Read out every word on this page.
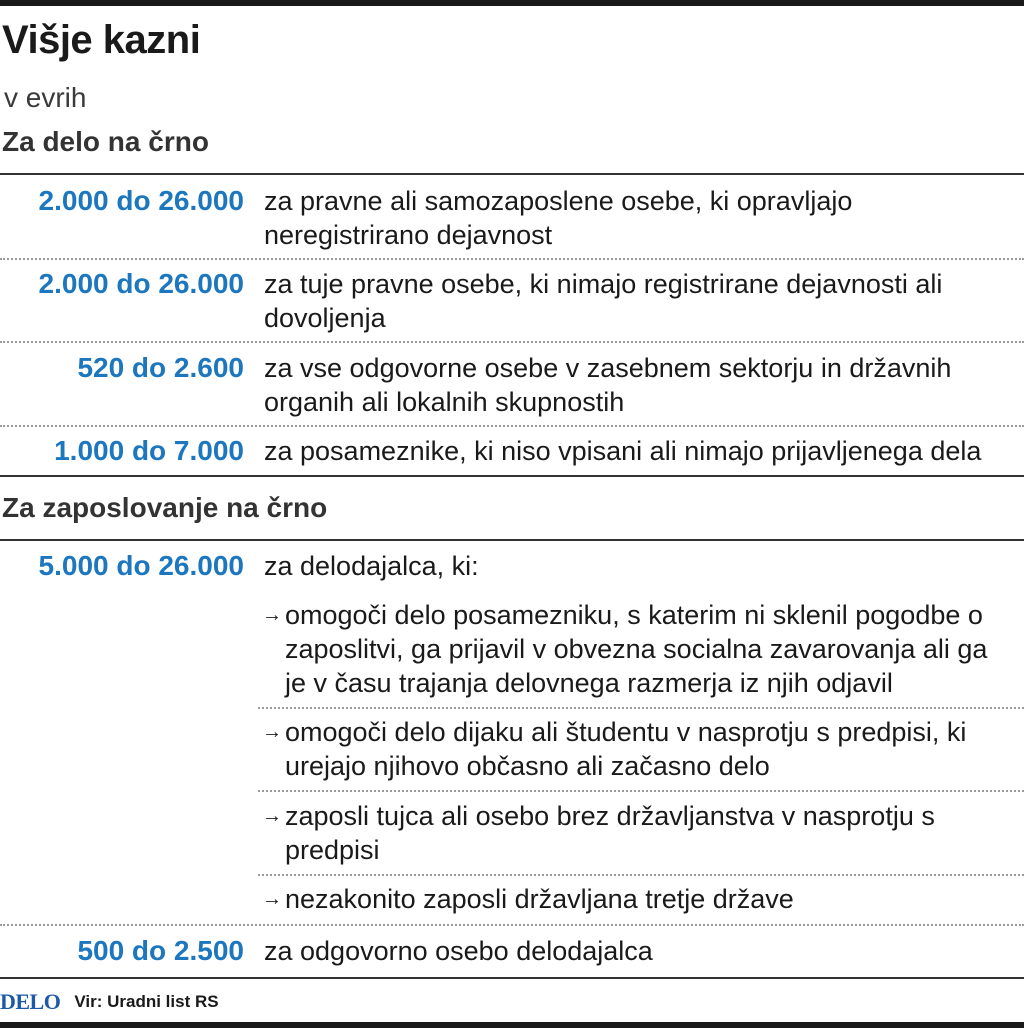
Višje kazni
v evrih
Za delo na črno
2.000 do 26.000 za pravne ali samozaposlene osebe, ki opravljajo neregistrirano dejavnost
2.000 do 26.000 za tuje pravne osebe, ki nimajo registrirane dejavnosti ali dovoljenja
520 do 2.600 za vse odgovorne osebe v zasebnem sektorju in državnih organih ali lokalnih skupnostih
1.000 do 7.000 za posameznike, ki niso vpisani ali nimajo prijavljenega dela
Za zaposlovanje na črno
5.000 do 26.000 za delodajalca, ki:
→ omogoči delo posamezniku, s katerim ni sklenil pogodbe o zaposlitvi, ga prijavil v obvezna socialna zavarovanja ali ga je v času trajanja delovnega razmerja iz njih odjavil
→ omogoči delo dijaku ali študentu v nasprotju s predpisi, ki urejajo njihovo občasno ali začasno delo
→ zaposli tujca ali osebo brez državljanstva v nasprotju s predpisi
→ nezakonito zaposli državljana tretje države
500 do 2.500 za odgovorno osebo delodajalca
DELO Vir: Uradni list RS
